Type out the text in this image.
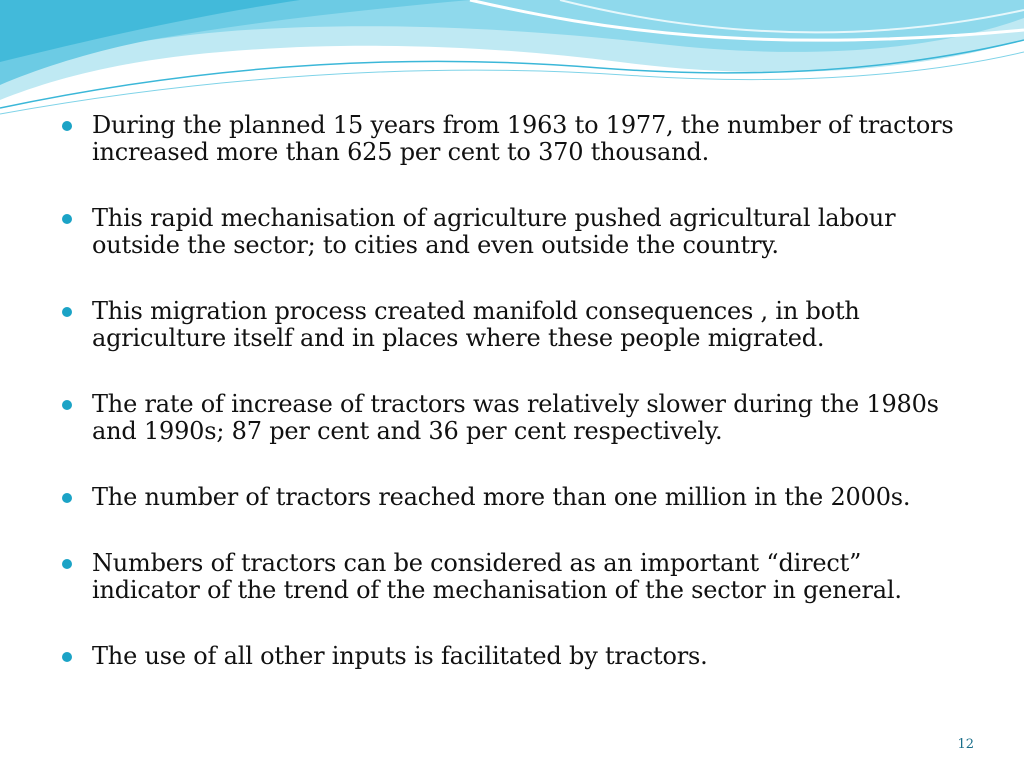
During the planned 15 years from 1963 to 1977, the number of tractors increased more than 625 per cent to 370 thousand.
This rapid mechanisation of agriculture pushed agricultural labour outside the sector; to cities and even outside the country.
This migration process created manifold consequences , in both agriculture itself and in places where these people migrated.
The rate of increase of tractors was relatively slower during the 1980s and 1990s; 87 per cent and 36 per cent respectively.
The number of tractors reached more than one million in the 2000s.
Numbers of tractors can be considered as an important “direct” indicator of the trend of the mechanisation of the sector in general.
The use of all other inputs is facilitated by tractors.
12
